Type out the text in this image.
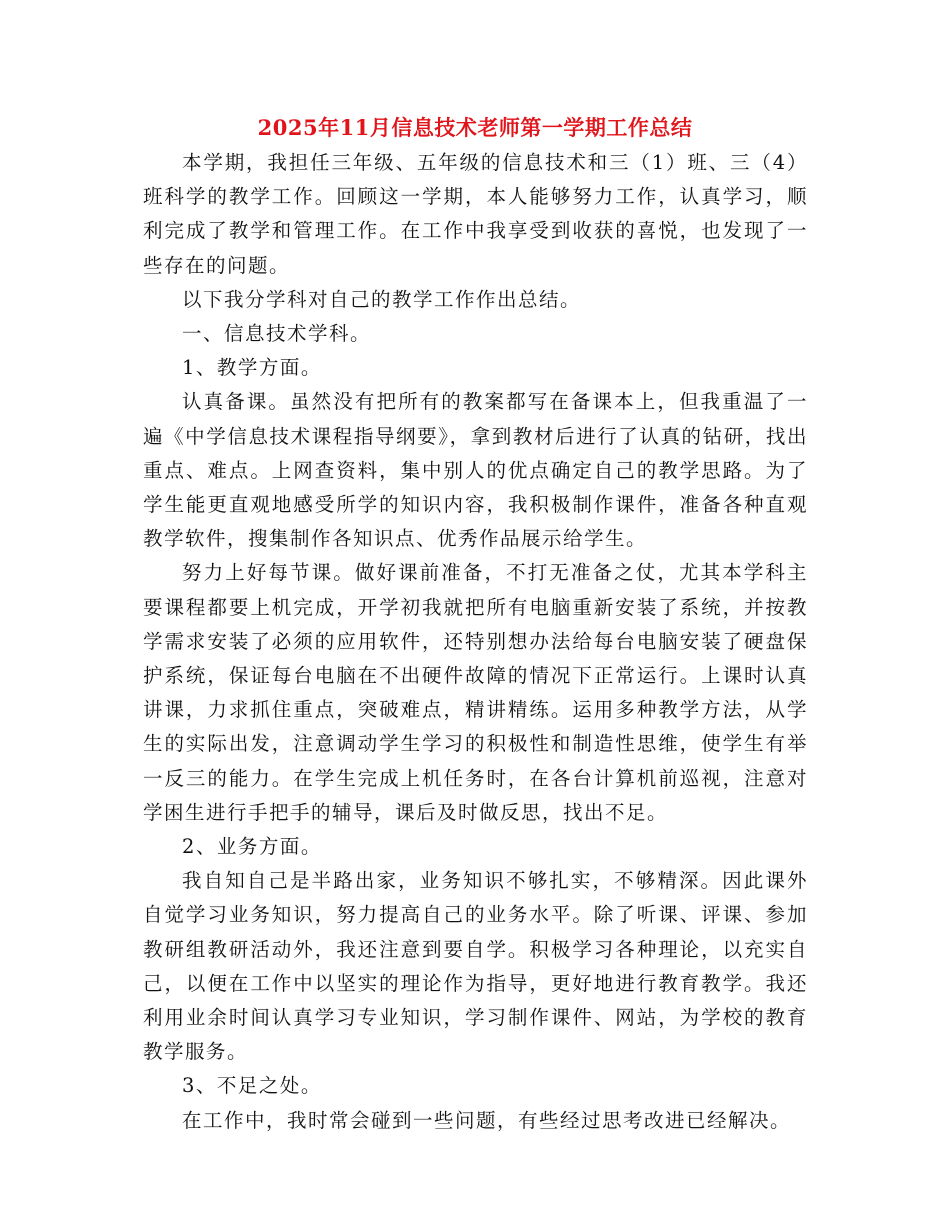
2025年11月信息技术老师第一学期工作总结

本学期，我担任三年级、五年级的信息技术和三（1）班、三（4）班科学的教学工作。回顾这一学期，本人能够努力工作，认真学习，顺利完成了教学和管理工作。在工作中我享受到收获的喜悦，也发现了一些存在的问题。

以下我分学科对自己的教学工作作出总结。

一、信息技术学科。

1、教学方面。

认真备课。虽然没有把所有的教案都写在备课本上，但我重温了一遍《中学信息技术课程指导纲要》，拿到教材后进行了认真的钻研，找出重点、难点。上网查资料，集中别人的优点确定自己的教学思路。为了学生能更直观地感受所学的知识内容，我积极制作课件，准备各种直观教学软件，搜集制作各知识点、优秀作品展示给学生。

努力上好每节课。做好课前准备，不打无准备之仗，尤其本学科主要课程都要上机完成，开学初我就把所有电脑重新安装了系统，并按教学需求安装了必须的应用软件，还特别想办法给每台电脑安装了硬盘保护系统，保证每台电脑在不出硬件故障的情况下正常运行。上课时认真讲课，力求抓住重点，突破难点，精讲精练。运用多种教学方法，从学生的实际出发，注意调动学生学习的积极性和制造性思维，使学生有举一反三的能力。在学生完成上机任务时，在各台计算机前巡视，注意对学困生进行手把手的辅导，课后及时做反思，找出不足。

2、业务方面。

我自知自己是半路出家，业务知识不够扎实，不够精深。因此课外自觉学习业务知识，努力提高自己的业务水平。除了听课、评课、参加教研组教研活动外，我还注意到要自学。积极学习各种理论，以充实自己，以便在工作中以坚实的理论作为指导，更好地进行教育教学。我还利用业余时间认真学习专业知识，学习制作课件、网站，为学校的教育教学服务。

3、不足之处。

在工作中，我时常会碰到一些问题，有些经过思考改进已经解决。
